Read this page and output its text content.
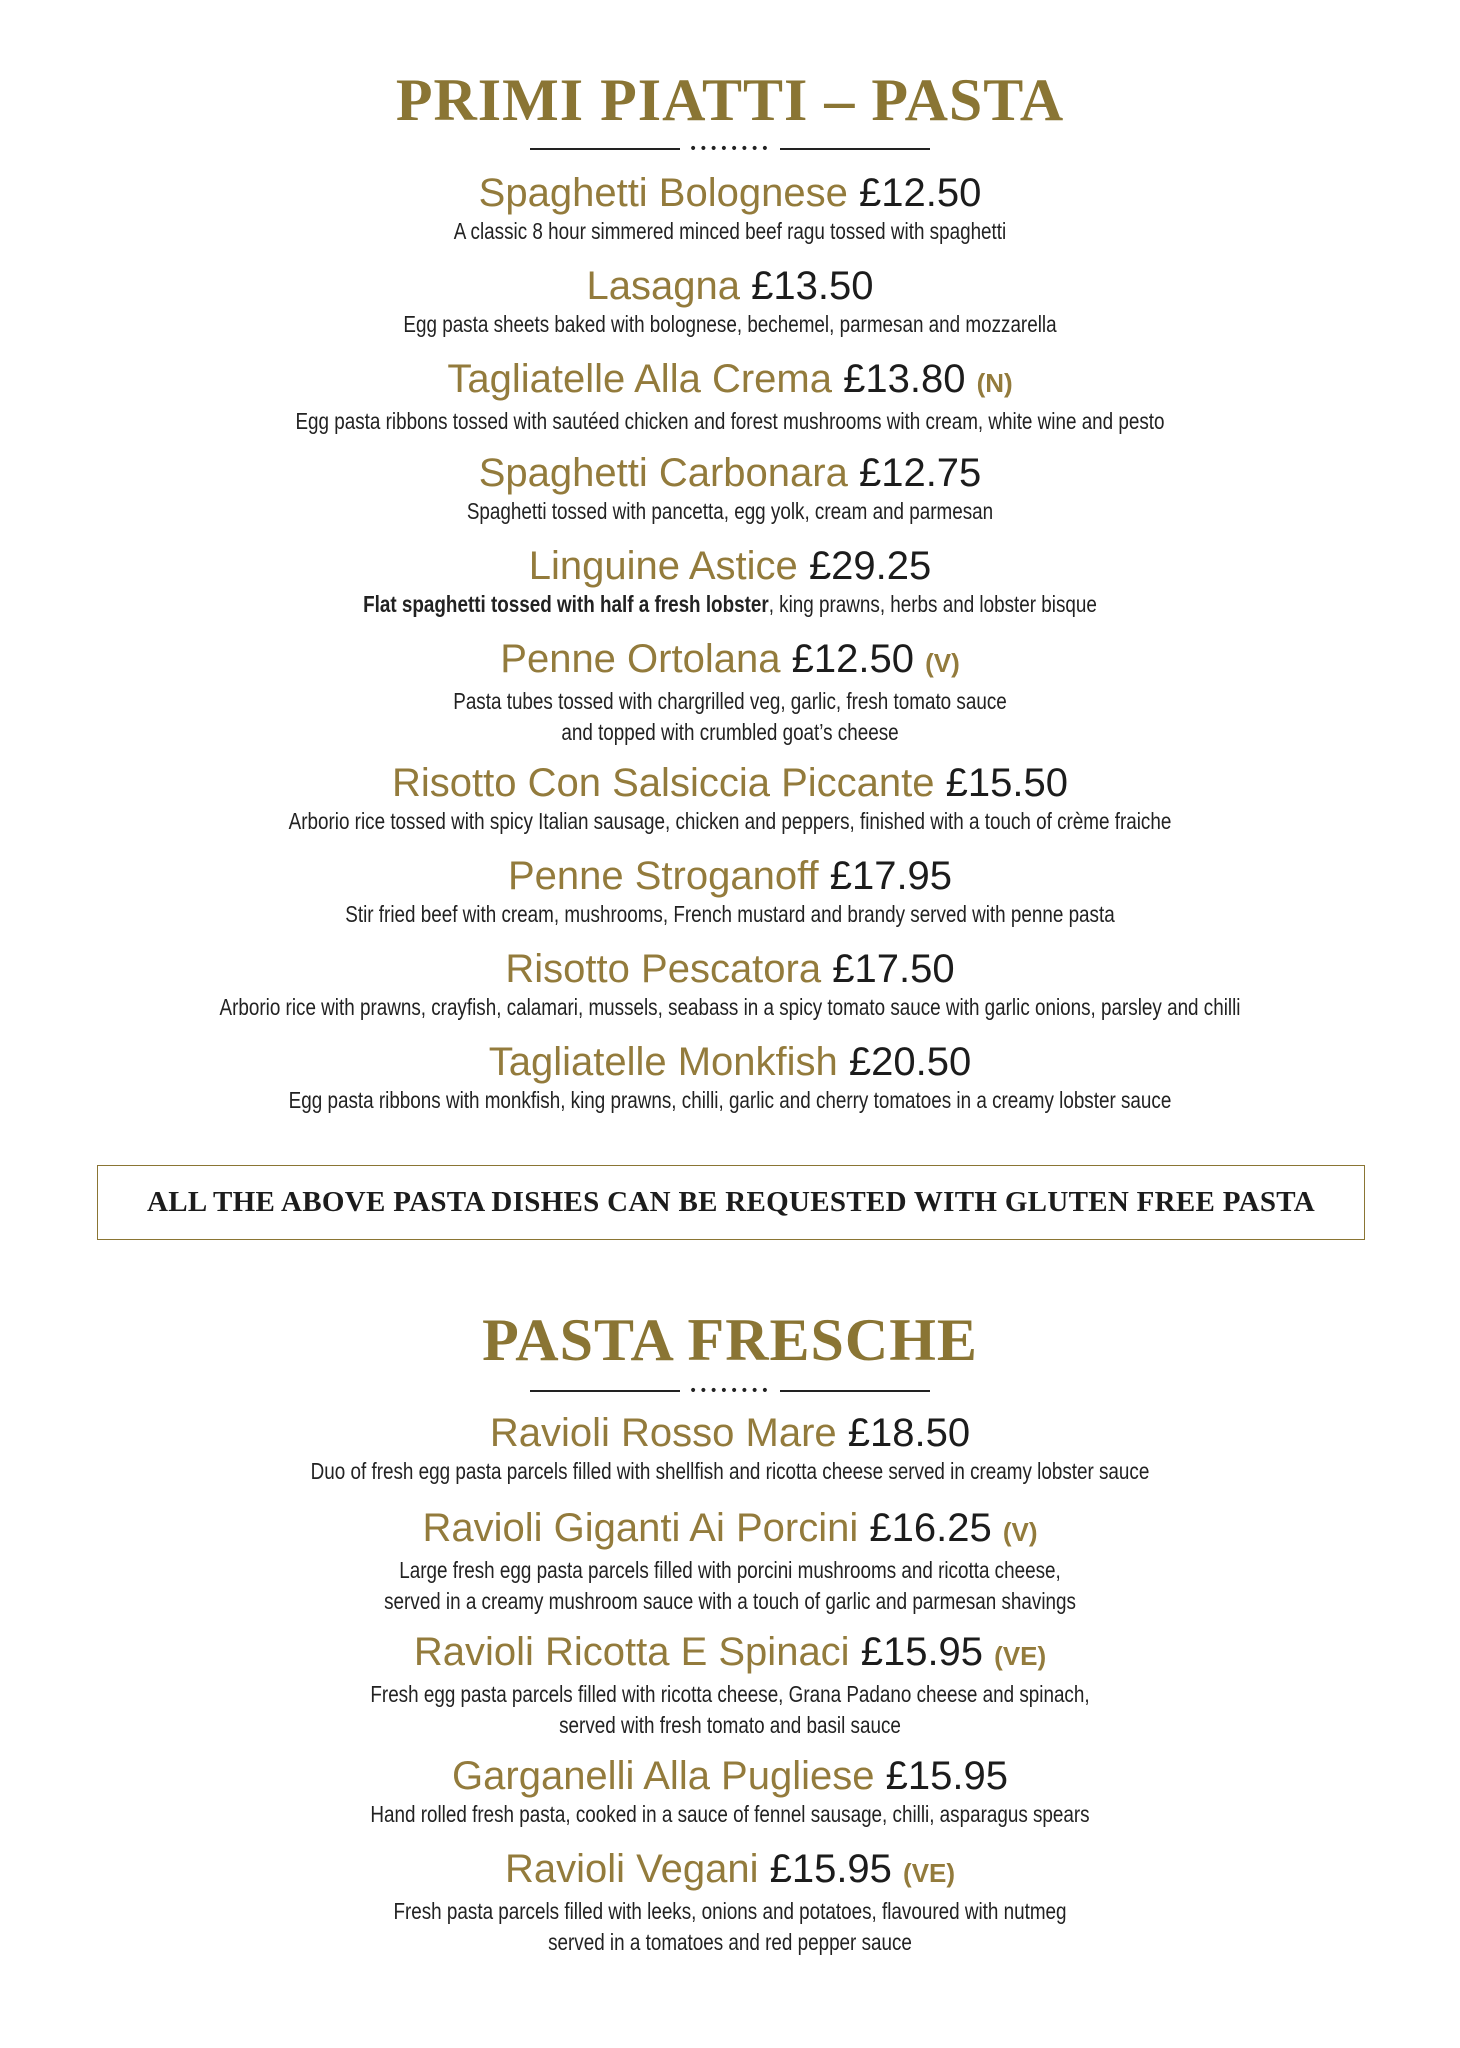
PRIMI PIATTI – PASTA
••••••••
Spaghetti Bolognese £12.50
A classic 8 hour simmered minced beef ragu tossed with spaghetti
Lasagna £13.50
Egg pasta sheets baked with bolognese, bechemel, parmesan and mozzarella
Tagliatelle Alla Crema £13.80 (N)
Egg pasta ribbons tossed with sautéed chicken and forest mushrooms with cream, white wine and pesto
Spaghetti Carbonara £12.75
Spaghetti tossed with pancetta, egg yolk, cream and parmesan
Linguine Astice £29.25
Flat spaghetti tossed with half a fresh lobster, king prawns, herbs and lobster bisque
Penne Ortolana £12.50 (V)
Pasta tubes tossed with chargrilled veg, garlic, fresh tomato sauce
and topped with crumbled goat’s cheese
Risotto Con Salsiccia Piccante £15.50
Arborio rice tossed with spicy Italian sausage, chicken and peppers, finished with a touch of crème fraiche
Penne Stroganoff £17.95
Stir fried beef with cream, mushrooms, French mustard and brandy served with penne pasta
Risotto Pescatora £17.50
Arborio rice with prawns, crayfish, calamari, mussels, seabass in a spicy tomato sauce with garlic onions, parsley and chilli
Tagliatelle Monkfish £20.50
Egg pasta ribbons with monkfish, king prawns, chilli, garlic and cherry tomatoes in a creamy lobster sauce
ALL THE ABOVE PASTA DISHES CAN BE REQUESTED WITH GLUTEN FREE PASTA
PASTA FRESCHE
••••••••
Ravioli Rosso Mare £18.50
Duo of fresh egg pasta parcels filled with shellfish and ricotta cheese served in creamy lobster sauce
Ravioli Giganti Ai Porcini £16.25 (V)
Large fresh egg pasta parcels filled with porcini mushrooms and ricotta cheese,
served in a creamy mushroom sauce with a touch of garlic and parmesan shavings
Ravioli Ricotta E Spinaci £15.95 (VE)
Fresh egg pasta parcels filled with ricotta cheese, Grana Padano cheese and spinach,
served with fresh tomato and basil sauce
Garganelli Alla Pugliese £15.95
Hand rolled fresh pasta, cooked in a sauce of fennel sausage, chilli, asparagus spears
Ravioli Vegani £15.95 (VE)
Fresh pasta parcels filled with leeks, onions and potatoes, flavoured with nutmeg
served in a tomatoes and red pepper sauce
